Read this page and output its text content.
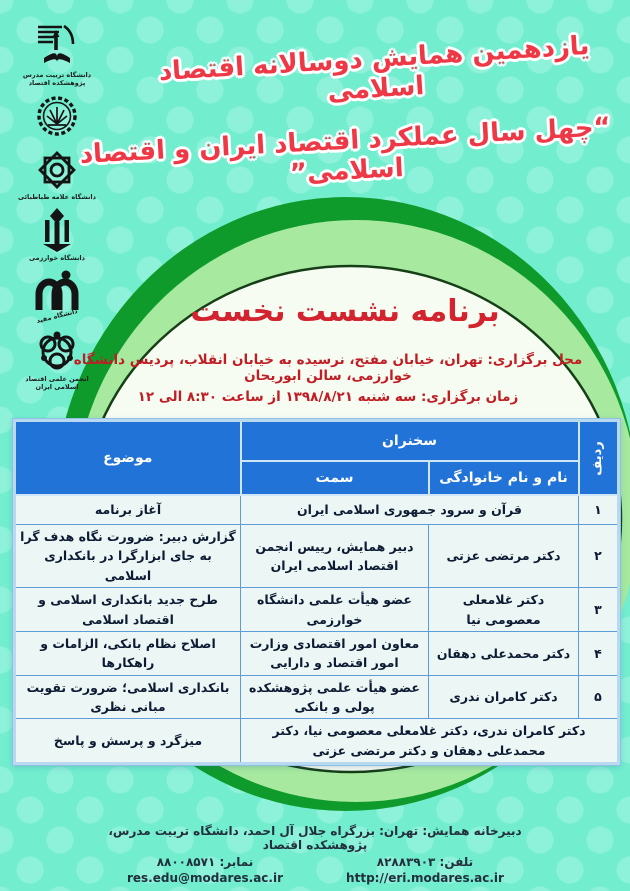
دانشگاه تربیت مدرس پژوهشکده اقتصاد
دانشگاه علامه طباطبائی
دانشگاه خوارزمی
دانشگاه مفید
انجمن علمی اقتصاد اسلامی ایران
یازدهمین همایش دوسالانه اقتصاد اسلامی
“چهل سال عملکرد اقتصاد ایران و اقتصاد اسلامی”
برنامه نشست نخست
محل برگزاری: تهران، خیابان مفتح، نرسیده به خیابان انقلاب، پردیس دانشگاه خوارزمی، سالن ابوریحان
زمان برگزاری: سه شنبه ۱۳۹۸/۸/۲۱ از ساعت ۸:۳۰ الی ۱۲
ردیف	سخنران		موضوع
	نام و نام خانوادگی	سمت	
۱	قرآن و سرود جمهوری اسلامی ایران		آغاز برنامه
۲	دکتر مرتضی عزتی	دبیر همایش، رییس انجمن اقتصاد اسلامی ایران	گزارش دبیر: ضرورت نگاه هدف گرا به جای ابزارگرا در بانکداری اسلامی
۳	دکتر غلامعلی معصومی نیا	عضو هیأت علمی دانشگاه خوارزمی	طرح جدید بانکداری اسلامی و اقتصاد اسلامی
۴	دکتر محمدعلی دهقان	معاون امور اقتصادی وزارت امور اقتصاد و دارایی	اصلاح نظام بانکی، الزامات و راهکارها
۵	دکتر کامران ندری	عضو هیأت علمی پژوهشکده پولی و بانکی	بانکداری اسلامی؛ ضرورت تقویت مبانی نظری
دکتر کامران ندری، دکتر غلامعلی معصومی نیا، دکتر محمدعلی دهقان و دکتر مرتضی عزتی			میزگرد و پرسش و پاسخ
دبیرخانه همایش: تهران: بزرگراه جلال آل احمد، دانشگاه تربیت مدرس، پژوهشکده اقتصاد
تلفن: ۸۲۸۸۳۹۰۳
نمابر: ۸۸۰۰۸۵۷۱
http://eri.modares.ac.ir
res.edu@modares.ac.ir
